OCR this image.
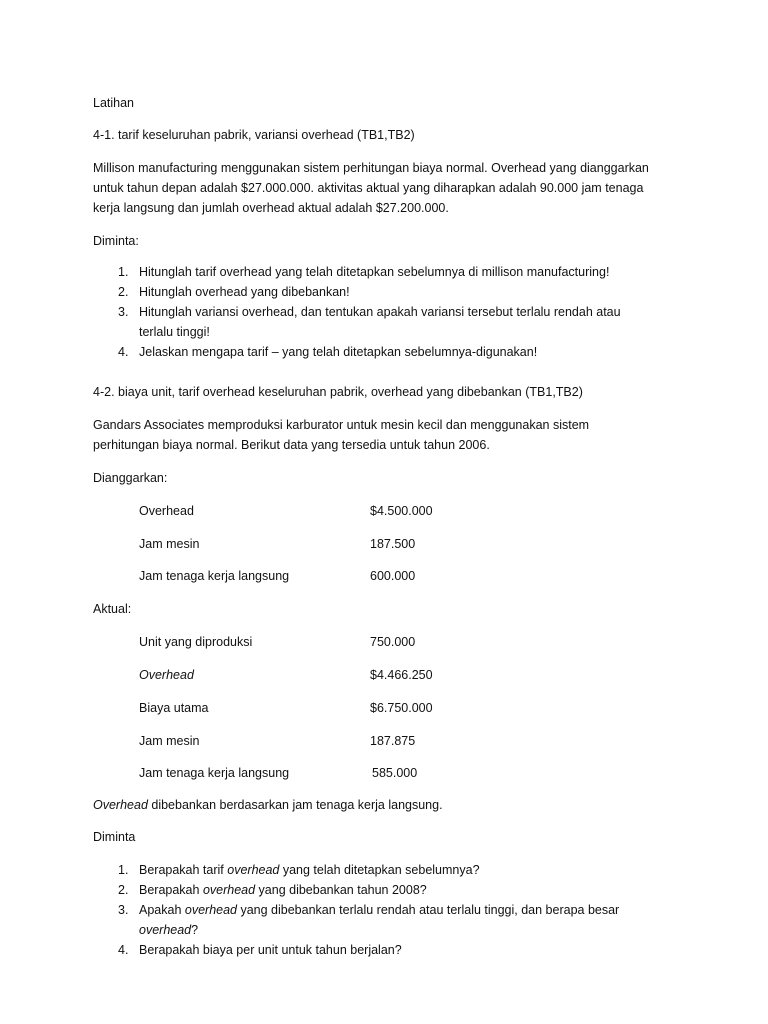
Latihan
4-1. tarif keseluruhan pabrik, variansi overhead (TB1,TB2)
Millison manufacturing menggunakan sistem perhitungan biaya normal. Overhead yang dianggarkan
untuk tahun depan adalah $27.000.000. aktivitas aktual yang diharapkan adalah 90.000 jam tenaga
kerja langsung dan jumlah overhead aktual adalah $27.200.000.
Diminta:
1. Hitunglah tarif overhead yang telah ditetapkan sebelumnya di millison manufacturing!
2. Hitunglah overhead yang dibebankan!
3. Hitunglah variansi overhead, dan tentukan apakah variansi tersebut terlalu rendah atau
terlalu tinggi!
4. Jelaskan mengapa tarif – yang telah ditetapkan sebelumnya-digunakan!
4-2. biaya unit, tarif overhead keseluruhan pabrik, overhead yang dibebankan (TB1,TB2)
Gandars Associates memproduksi karburator untuk mesin kecil dan menggunakan sistem
perhitungan biaya normal. Berikut data yang tersedia untuk tahun 2006.
Dianggarkan:
Overhead	$4.500.000
Jam mesin	187.500
Jam tenaga kerja langsung	600.000
Aktual:
Unit yang diproduksi	750.000
Overhead	$4.466.250
Biaya utama	$6.750.000
Jam mesin	187.875
Jam tenaga kerja langsung	585.000
Overhead dibebankan berdasarkan jam tenaga kerja langsung.
Diminta
1. Berapakah tarif overhead yang telah ditetapkan sebelumnya?
2. Berapakah overhead yang dibebankan tahun 2008?
3. Apakah overhead yang dibebankan terlalu rendah atau terlalu tinggi, dan berapa besar
overhead?
4. Berapakah biaya per unit untuk tahun berjalan?
